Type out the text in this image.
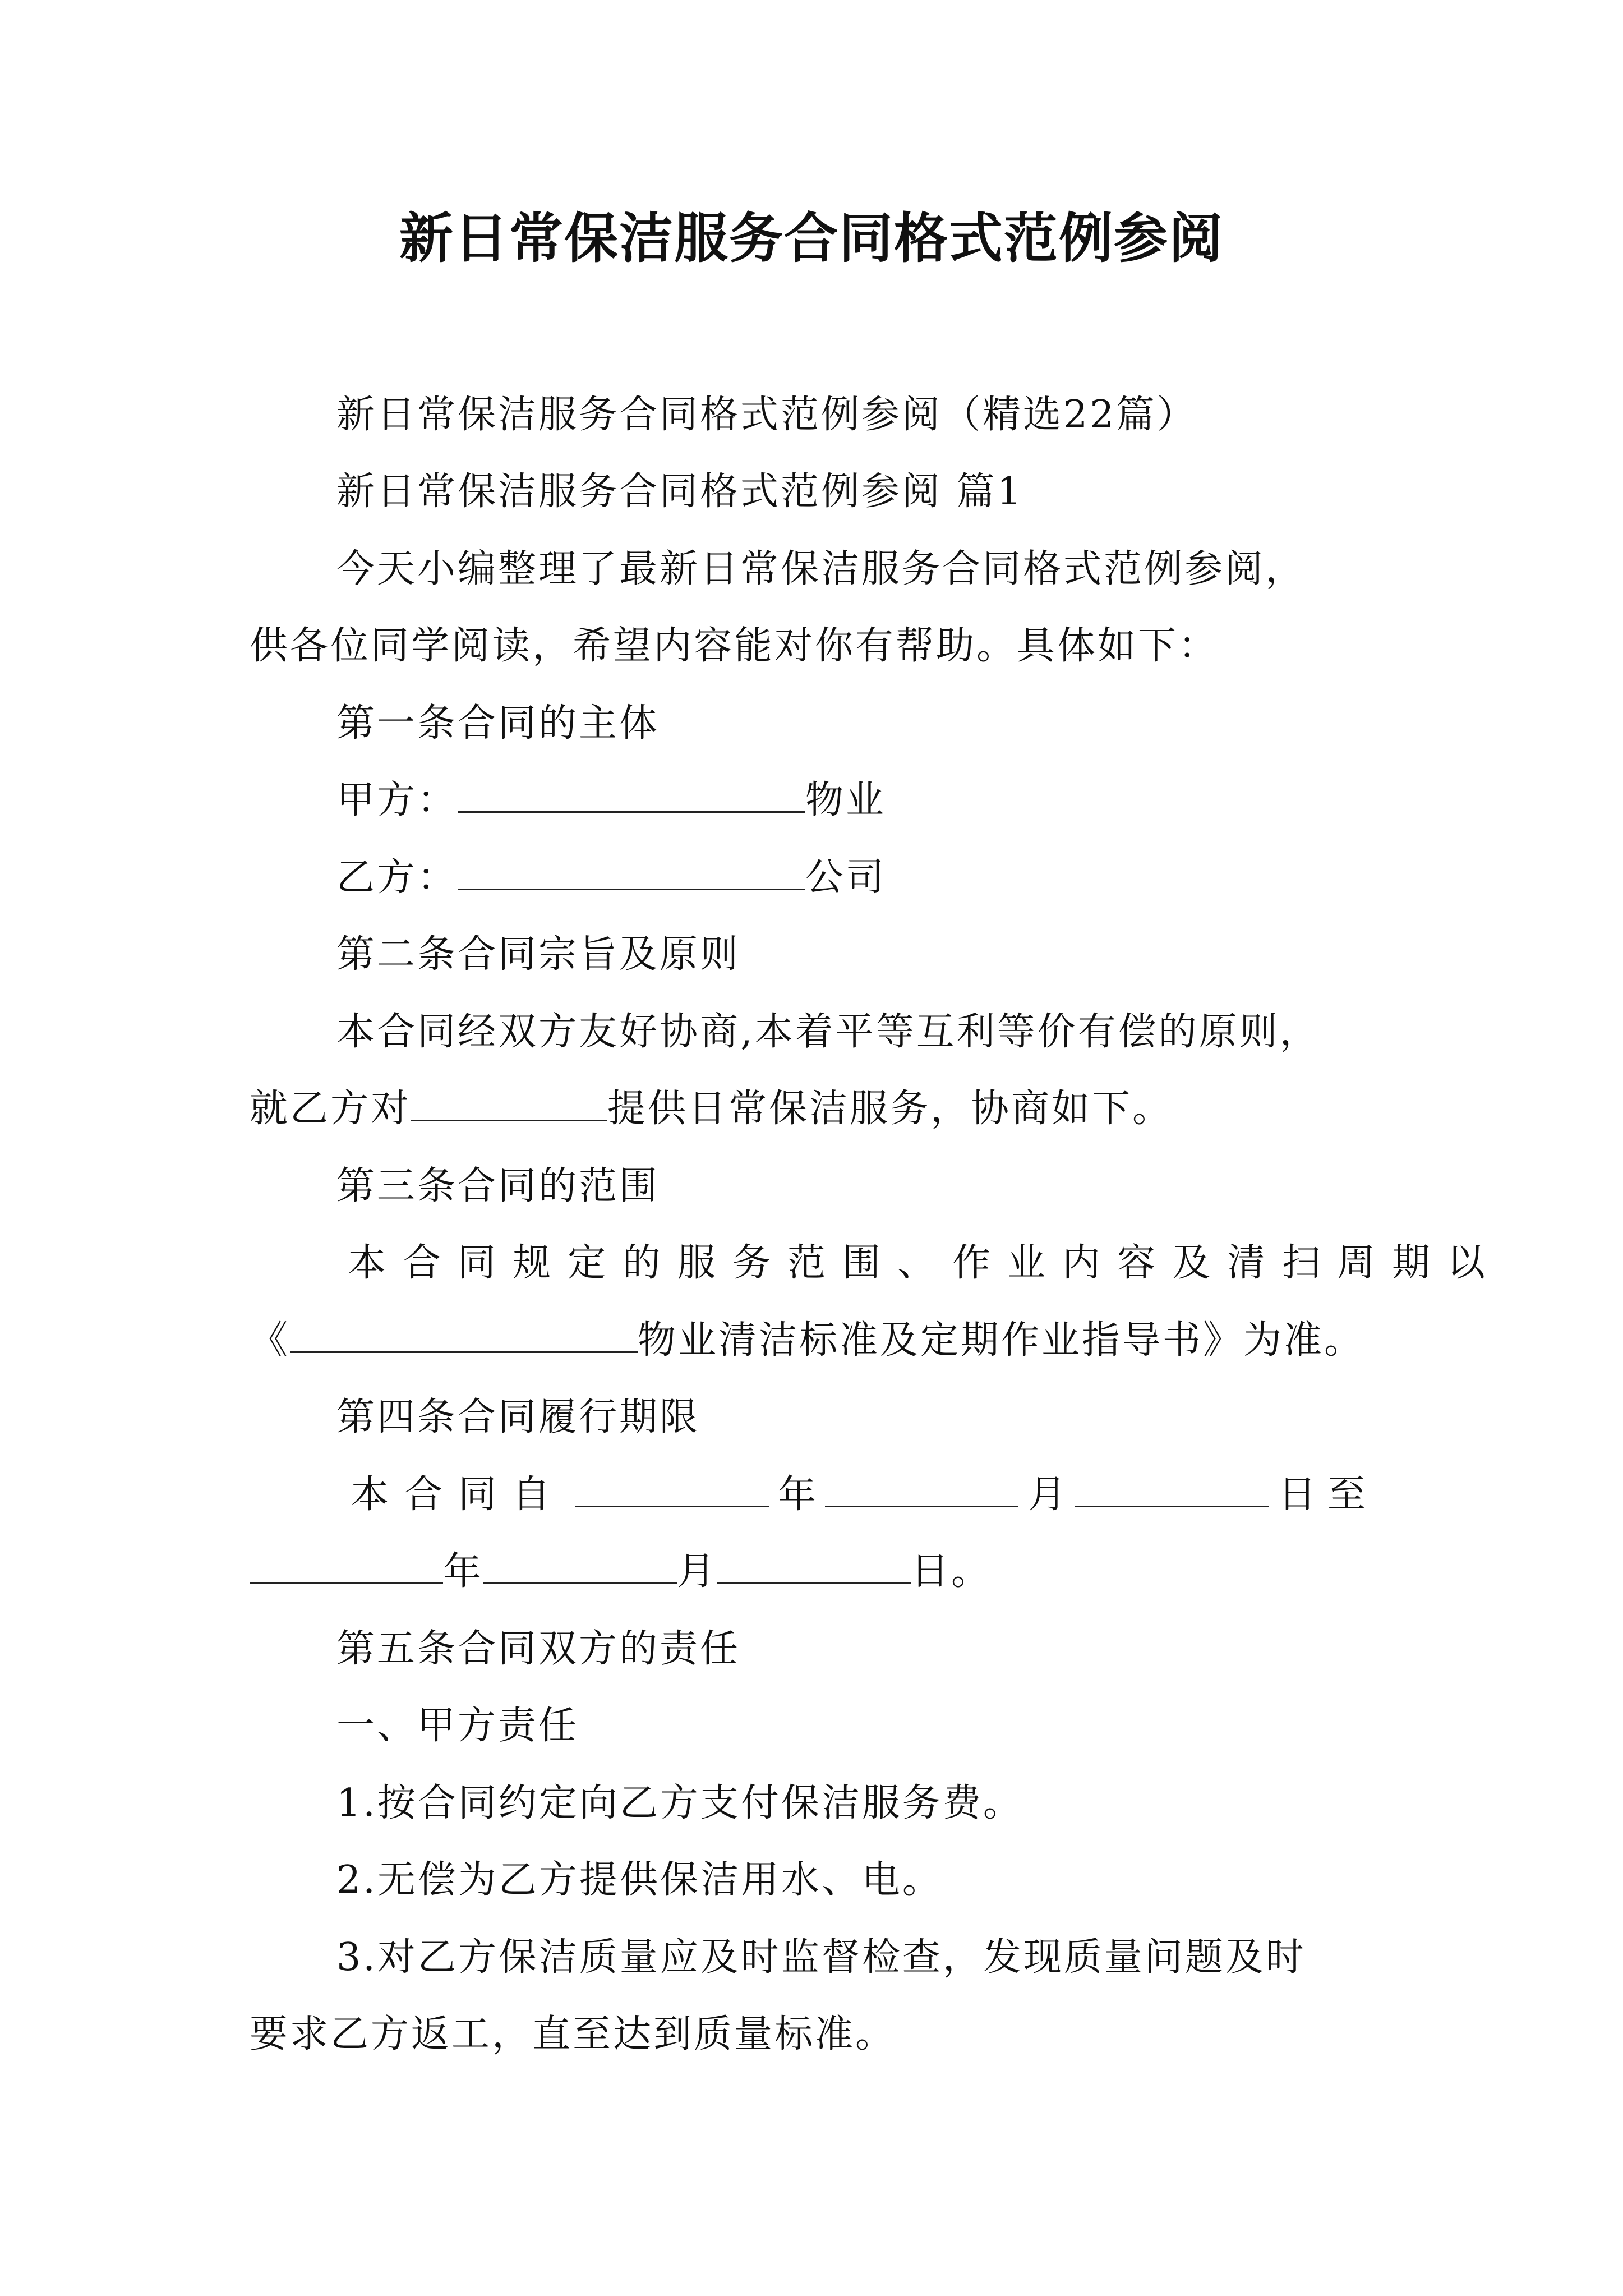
新日常保洁服务合同格式范例参阅
新日常保洁服务合同格式范例参阅（精选22篇）
新日常保洁服务合同格式范例参阅 篇1
今天小编整理了最新日常保洁服务合同格式范例参阅，
供各位同学阅读，希望内容能对你有帮助。具体如下：
第一条合同的主体
甲方：	物业
乙方：	公司
第二条合同宗旨及原则
本合同经双方友好协商,本着平等互利等价有偿的原则，
就乙方对	提供日常保洁服务，协商如下。
第三条合同的范围
本合同规定的服务范围、作业内容及清扫周期以
《	物业清洁标准及定期作业指导书》为准。
第四条合同履行期限
本合同自	年	月	日至
年	月	日。
第五条合同双方的责任
一、甲方责任
1.按合同约定向乙方支付保洁服务费。
2.无偿为乙方提供保洁用水、电。
3.对乙方保洁质量应及时监督检查，发现质量问题及时
要求乙方返工，直至达到质量标准。
